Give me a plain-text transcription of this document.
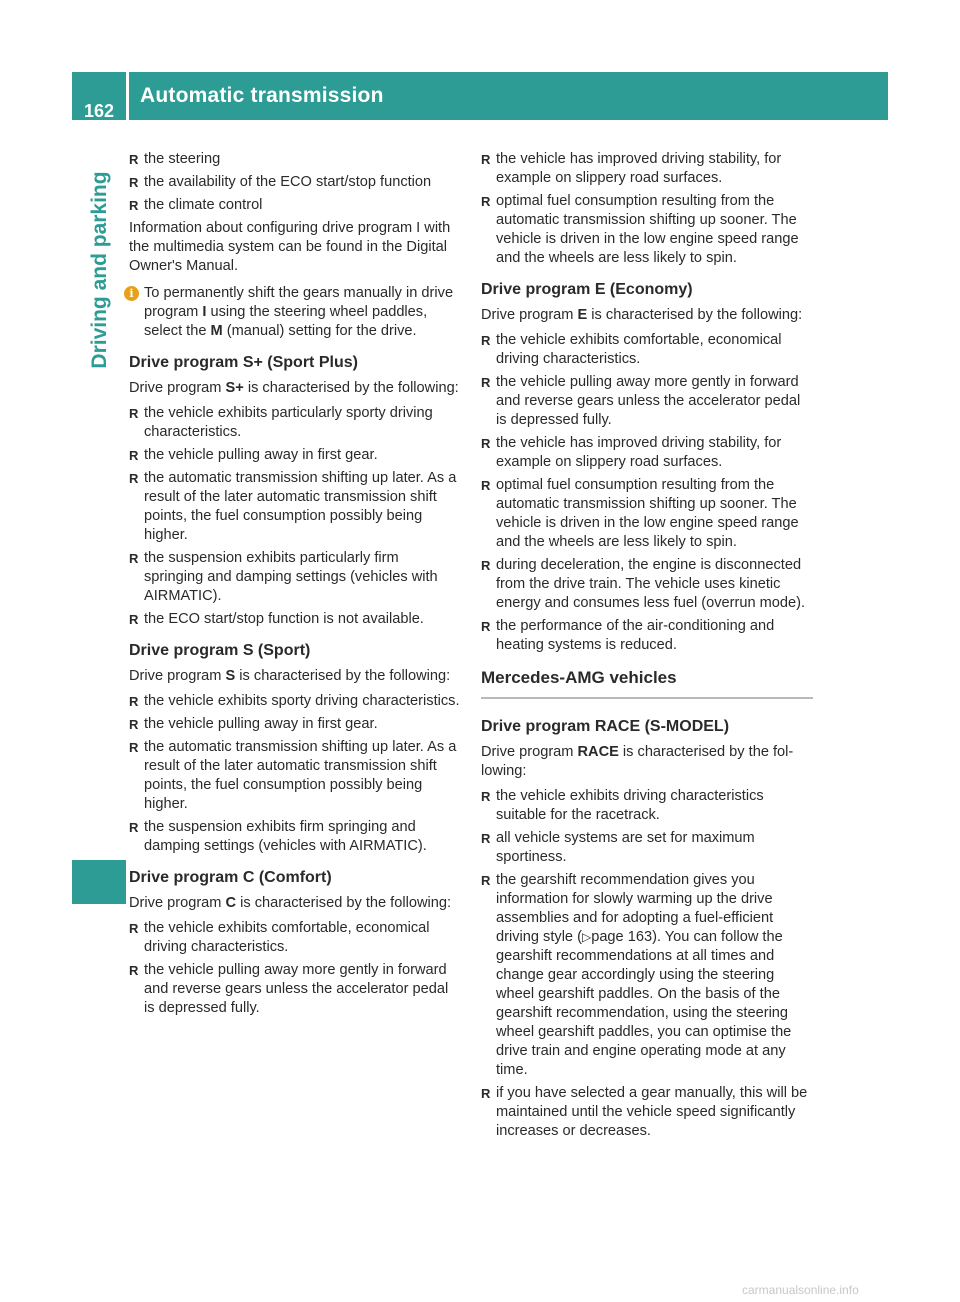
162
Automatic transmission
Driving and parking
R the steering
R the availability of the ECO start/stop function
R the climate control

Information about configuring drive program I with the multimedia system can be found in the Digital Owner's Manual.

i To permanently shift the gears manually in drive program I using the steering wheel paddles, select the M (manual) setting for the drive.
Drive program S+ (Sport Plus)

Drive program S+ is characterised by the following:

R the vehicle exhibits particularly sporty driving characteristics.
R the vehicle pulling away in first gear.
R the automatic transmission shifting up later. As a result of the later automatic transmission shift points, the fuel consumption possibly being higher.
R the suspension exhibits particularly firm springing and damping settings (vehicles with AIRMATIC).
R the ECO start/stop function is not available.
Drive program S (Sport)

Drive program S is characterised by the following:

R the vehicle exhibits sporty driving characteristics.
R the vehicle pulling away in first gear.
R the automatic transmission shifting up later. As a result of the later automatic transmission shift points, the fuel consumption possibly being higher.
R the suspension exhibits firm springing and damping settings (vehicles with AIRMATIC).
Drive program C (Comfort)

Drive program C is characterised by the following:

R the vehicle exhibits comfortable, economical driving characteristics.
R the vehicle pulling away more gently in forward and reverse gears unless the accelerator pedal is depressed fully.
R the vehicle has improved driving stability, for example on slippery road surfaces.
R optimal fuel consumption resulting from the automatic transmission shifting up sooner. The vehicle is driven in the low engine speed range and the wheels are less likely to spin.
Drive program E (Economy)

Drive program E is characterised by the following:

R the vehicle exhibits comfortable, economical driving characteristics.
R the vehicle pulling away more gently in forward and reverse gears unless the accelerator pedal is depressed fully.
R the vehicle has improved driving stability, for example on slippery road surfaces.
R optimal fuel consumption resulting from the automatic transmission shifting up sooner. The vehicle is driven in the low engine speed range and the wheels are less likely to spin.
R during deceleration, the engine is disconnected from the drive train. The vehicle uses kinetic energy and consumes less fuel (overrun mode).
R the performance of the air-conditioning and heating systems is reduced.
Mercedes-AMG vehicles
Drive program RACE (S-MODEL)

Drive program RACE is characterised by the following:

R the vehicle exhibits driving characteristics suitable for the racetrack.
R all vehicle systems are set for maximum sportiness.
R the gearshift recommendation gives you information for slowly warming up the drive assemblies and for adopting a fuel-efficient driving style (▷page 163). You can follow the gearshift recommendations at all times and change gear accordingly using the steering wheel gearshift paddles. On the basis of the gearshift recommendation, using the steering wheel gearshift paddles, you can optimise the drive train and engine operating mode at any time.
R if you have selected a gear manually, this will be maintained until the vehicle speed significantly increases or decreases.
carmanualsonline.info
